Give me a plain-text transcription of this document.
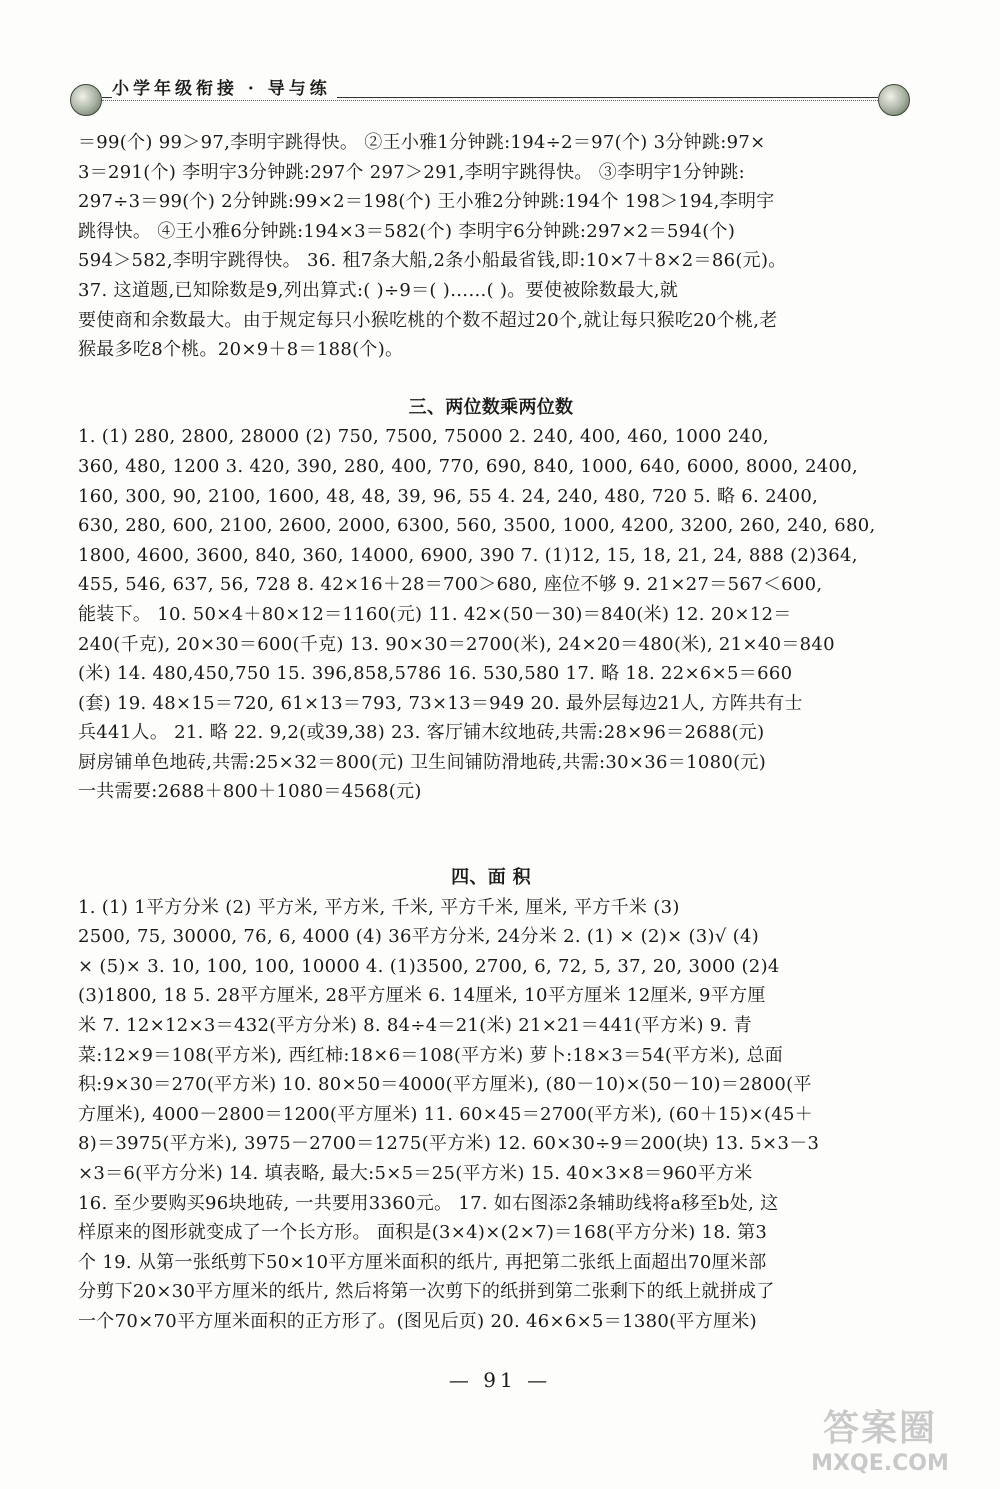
小学年级衔接 · 导与练

＝99(个) 99＞97,李明宇跳得快。 ②王小雅1分钟跳:194÷2＝97(个) 3分钟跳:97×

3＝291(个) 李明宇3分钟跳:297个 297＞291,李明宇跳得快。 ③李明宇1分钟跳:

297÷3＝99(个) 2分钟跳:99×2＝198(个) 王小雅2分钟跳:194个 198＞194,李明宇

跳得快。 ④王小雅6分钟跳:194×3＝582(个) 李明宇6分钟跳:297×2＝594(个)

594＞582,李明宇跳得快。 36. 租7条大船,2条小船最省钱,即:10×7＋8×2＝86(元)。

37. 这道题,已知除数是9,列出算式:( )÷9＝( )……( )。要使被除数最大,就

要使商和余数最大。由于规定每只小猴吃桃的个数不超过20个,就让每只猴吃20个桃,老

猴最多吃8个桃。20×9＋8＝188(个)。

三、两位数乘两位数

1. (1) 280, 2800, 28000 (2) 750, 7500, 75000 2. 240, 400, 460, 1000 240,

360, 480, 1200 3. 420, 390, 280, 400, 770, 690, 840, 1000, 640, 6000, 8000, 2400,

160, 300, 90, 2100, 1600, 48, 48, 39, 96, 55 4. 24, 240, 480, 720 5. 略 6. 2400,

630, 280, 600, 2100, 2600, 2000, 6300, 560, 3500, 1000, 4200, 3200, 260, 240, 680,

1800, 4600, 3600, 840, 360, 14000, 6900, 390 7. (1)12, 15, 18, 21, 24, 888 (2)364,

455, 546, 637, 56, 728 8. 42×16＋28＝700＞680, 座位不够 9. 21×27＝567＜600,

能装下。 10. 50×4＋80×12＝1160(元) 11. 42×(50－30)＝840(米) 12. 20×12＝

240(千克), 20×30＝600(千克) 13. 90×30＝2700(米), 24×20＝480(米), 21×40＝840

(米) 14. 480,450,750 15. 396,858,5786 16. 530,580 17. 略 18. 22×6×5＝660

(套) 19. 48×15＝720, 61×13＝793, 73×13＝949 20. 最外层每边21人, 方阵共有士

兵441人。 21. 略 22. 9,2(或39,38) 23. 客厅铺木纹地砖,共需:28×96＝2688(元)

厨房铺单色地砖,共需:25×32＝800(元) 卫生间铺防滑地砖,共需:30×36＝1080(元)

一共需要:2688＋800＋1080＝4568(元)

四、面 积

1. (1) 1平方分米 (2) 平方米, 平方米, 千米, 平方千米, 厘米, 平方千米 (3)

2500, 75, 30000, 76, 6, 4000 (4) 36平方分米, 24分米 2. (1) × (2)× (3)√ (4)

× (5)× 3. 10, 100, 100, 10000 4. (1)3500, 2700, 6, 72, 5, 37, 20, 3000 (2)4

(3)1800, 18 5. 28平方厘米, 28平方厘米 6. 14厘米, 10平方厘米 12厘米, 9平方厘

米 7. 12×12×3＝432(平方分米) 8. 84÷4＝21(米) 21×21＝441(平方米) 9. 青

菜:12×9＝108(平方米), 西红柿:18×6＝108(平方米) 萝卜:18×3＝54(平方米), 总面

积:9×30＝270(平方米) 10. 80×50＝4000(平方厘米), (80－10)×(50－10)＝2800(平

方厘米), 4000－2800＝1200(平方厘米) 11. 60×45＝2700(平方米), (60＋15)×(45＋

8)＝3975(平方米), 3975－2700＝1275(平方米) 12. 60×30÷9＝200(块) 13. 5×3－3

×3＝6(平方分米) 14. 填表略, 最大:5×5＝25(平方米) 15. 40×3×8＝960平方米

16. 至少要购买96块地砖, 一共要用3360元。 17. 如右图添2条辅助线将a移至b处, 这

样原来的图形就变成了一个长方形。 面积是(3×4)×(2×7)＝168(平方分米) 18. 第3

个 19. 从第一张纸剪下50×10平方厘米面积的纸片, 再把第二张纸上面超出70厘米部

分剪下20×30平方厘米的纸片, 然后将第一次剪下的纸拼到第二张剩下的纸上就拼成了

一个70×70平方厘米面积的正方形了。(图见后页) 20. 46×6×5＝1380(平方厘米)

— 91 —
答案圈
MXQE.COM
